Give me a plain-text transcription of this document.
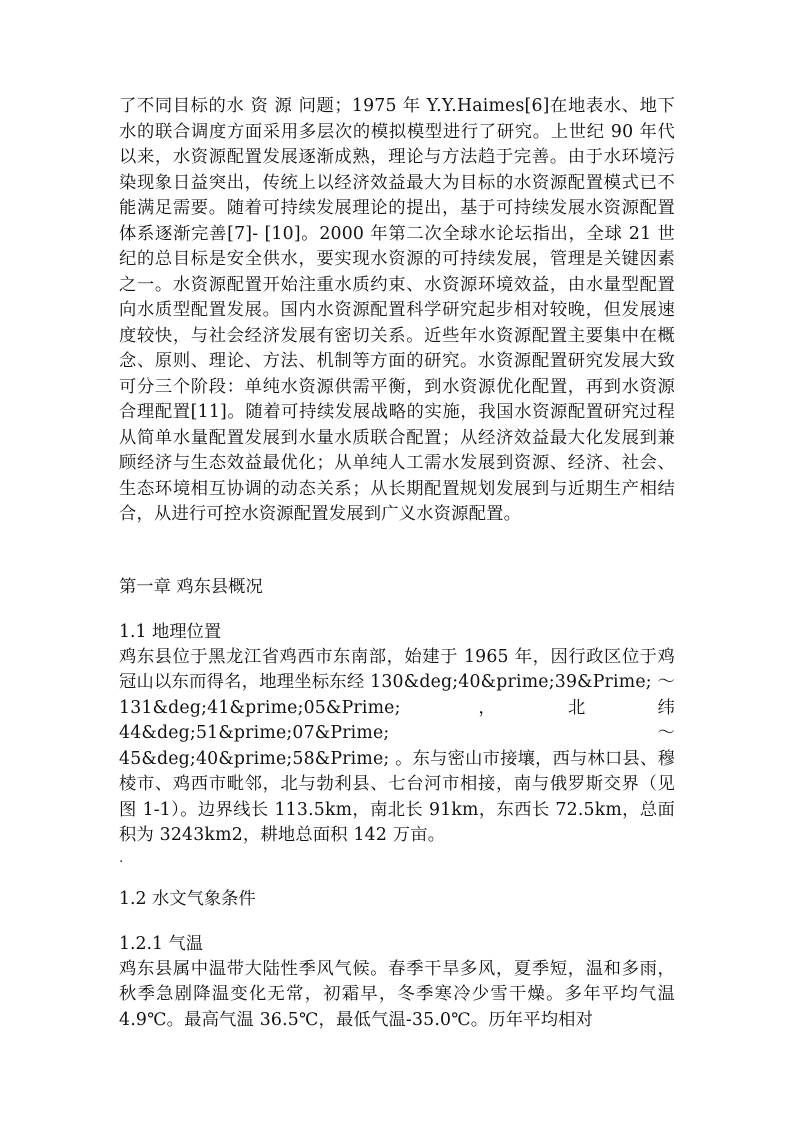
了不同目标的水 资 源 问题；1975 年 Y.Y.Haimes[6]在地表水、地下水的联合调度方面采用多层次的模拟模型进行了研究。上世纪 90 年代以来，水资源配置发展逐渐成熟，理论与方法趋于完善。由于水环境污染现象日益突出，传统上以经济效益最大为目标的水资源配置模式已不能满足需要。随着可持续发展理论的提出，基于可持续发展水资源配置体系逐渐完善[7]- [10]。2000 年第二次全球水论坛指出，全球 21 世纪的总目标是安全供水，要实现水资源的可持续发展，管理是关键因素之一。水资源配置开始注重水质约束、水资源环境效益，由水量型配置向水质型配置发展。国内水资源配置科学研究起步相对较晚，但发展速度较快，与社会经济发展有密切关系。近些年水资源配置主要集中在概念、原则、理论、方法、机制等方面的研究。水资源配置研究发展大致可分三个阶段：单纯水资源供需平衡，到水资源优化配置，再到水资源合理配置[11]。随着可持续发展战略的实施，我国水资源配置研究过程从简单水量配置发展到水量水质联合配置；从经济效益最大化发展到兼顾经济与生态效益最优化；从单纯人工需水发展到资源、经济、社会、生态环境相互协调的动态关系；从长期配置规划发展到与近期生产相结合，从进行可控水资源配置发展到广义水资源配置。

第一章 鸡东县概况

1.1 地理位置

鸡东县位于黑龙江省鸡西市东南部，始建于 1965 年，因行政区位于鸡冠山以东而得名，地理坐标东经 130&deg;40&prime;39&Prime; ～131&deg;41&prime;05&Prime; ，北纬 44&deg;51&prime;07&Prime; ～45&deg;40&prime;58&Prime; 。东与密山市接壤，西与林口县、穆棱市、鸡西市毗邻，北与勃利县、七台河市相接，南与俄罗斯交界（见图 1-1）。边界线长 113.5km，南北长 91km，东西长 72.5km，总面积为 3243km2，耕地总面积 142 万亩。

.

1.2 水文气象条件

1.2.1 气温

鸡东县属中温带大陆性季风气候。春季干旱多风，夏季短，温和多雨，秋季急剧降温变化无常，初霜早，冬季寒冷少雪干燥。多年平均气温 4.9℃。最高气温 36.5℃，最低气温-35.0℃。历年平均相对
